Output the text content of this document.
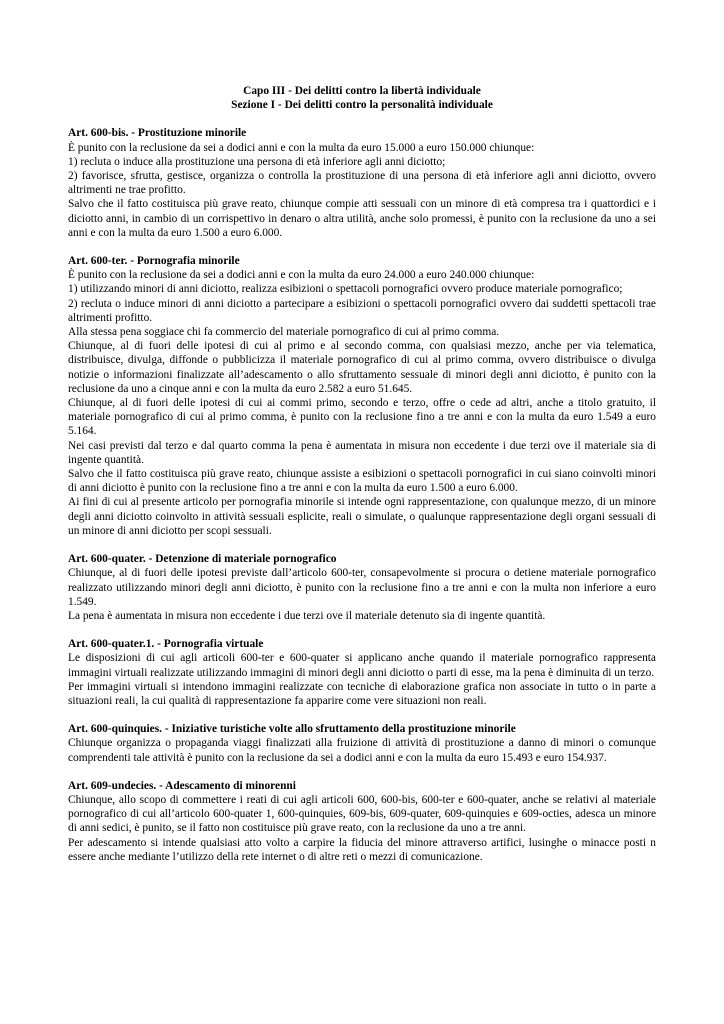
Capo III - Dei delitti contro la libertà individuale

Sezione I - Dei delitti contro la personalità individuale

Art. 600-bis. - Prostituzione minorile

È punito con la reclusione da sei a dodici anni e con la multa da euro 15.000 a euro 150.000 chiunque:

1) recluta o induce alla prostituzione una persona di età inferiore agli anni diciotto;

2) favorisce, sfrutta, gestisce, organizza o controlla la prostituzione di una persona di età inferiore agli anni diciotto, ovvero altrimenti ne trae profitto.

Salvo che il fatto costituisca più grave reato, chiunque compie atti sessuali con un minore di età compresa tra i quattordici e i diciotto anni, in cambio di un corrispettivo in denaro o altra utilità, anche solo promessi, è punito con la reclusione da uno a sei anni e con la multa da euro 1.500 a euro 6.000.

Art. 600-ter. - Pornografia minorile

È punito con la reclusione da sei a dodici anni e con la multa da euro 24.000 a euro 240.000 chiunque:

1) utilizzando minori di anni diciotto, realizza esibizioni o spettacoli pornografici ovvero produce materiale pornografico;

2) recluta o induce minori di anni diciotto a partecipare a esibizioni o spettacoli pornografici ovvero dai suddetti spettacoli trae altrimenti profitto.

Alla stessa pena soggiace chi fa commercio del materiale pornografico di cui al primo comma.

Chiunque, al di fuori delle ipotesi di cui al primo e al secondo comma, con qualsiasi mezzo, anche per via telematica, distribuisce, divulga, diffonde o pubblicizza il materiale pornografico di cui al primo comma, ovvero distribuisce o divulga notizie o informazioni finalizzate all’adescamento o allo sfruttamento sessuale di minori degli anni diciotto, è punito con la reclusione da uno a cinque anni e con la multa da euro 2.582 a euro 51.645.

Chiunque, al di fuori delle ipotesi di cui ai commi primo, secondo e terzo, offre o cede ad altri, anche a titolo gratuito, il materiale pornografico di cui al primo comma, è punito con la reclusione fino a tre anni e con la multa da euro 1.549 a euro 5.164.

Nei casi previsti dal terzo e dal quarto comma la pena è aumentata in misura non eccedente i due terzi ove il materiale sia di ingente quantità.

Salvo che il fatto costituisca più grave reato, chiunque assiste a esibizioni o spettacoli pornografici in cui siano coinvolti minori di anni diciotto è punito con la reclusione fino a tre anni e con la multa da euro 1.500 a euro 6.000.

Ai fini di cui al presente articolo per pornografia minorile si intende ogni rappresentazione, con qualunque mezzo, di un minore degli anni diciotto coinvolto in attività sessuali esplicite, reali o simulate, o qualunque rappresentazione degli organi sessuali di un minore di anni diciotto per scopi sessuali.

Art. 600-quater. - Detenzione di materiale pornografico

Chiunque, al di fuori delle ipotesi previste dall’articolo 600-ter, consapevolmente si procura o detiene materiale pornografico realizzato utilizzando minori degli anni diciotto, è punito con la reclusione fino a tre anni e con la multa non inferiore a euro 1.549.

La pena è aumentata in misura non eccedente i due terzi ove il materiale detenuto sia di ingente quantità.

Art. 600-quater.1. - Pornografia virtuale

Le disposizioni di cui agli articoli 600-ter e 600-quater si applicano anche quando il materiale pornografico rappresenta immagini virtuali realizzate utilizzando immagini di minori degli anni diciotto o parti di esse, ma la pena è diminuita di un terzo.

Per immagini virtuali si intendono immagini realizzate con tecniche di elaborazione grafica non associate in tutto o in parte a situazioni reali, la cui qualità di rappresentazione fa apparire come vere situazioni non reali.

Art. 600-quinquies. - Iniziative turistiche volte allo sfruttamento della prostituzione minorile

Chiunque organizza o propaganda viaggi finalizzati alla fruizione di attività di prostituzione a danno di minori o comunque comprendenti tale attività è punito con la reclusione da sei a dodici anni e con la multa da euro 15.493 e euro 154.937.

Art. 609-undecies. - Adescamento di minorenni

Chiunque, allo scopo di commettere i reati di cui agli articoli 600, 600-bis, 600-ter e 600-quater, anche se relativi al materiale pornografico di cui all’articolo 600-quater 1, 600-quinquies, 609-bis, 609-quater, 609-quinquies e 609-octies, adesca un minore di anni sedici, è punito, se il fatto non costituisce più grave reato, con la reclusione da uno a tre anni.

Per adescamento si intende qualsiasi atto volto a carpire la fiducia del minore attraverso artifici, lusinghe o minacce posti n essere anche mediante l’utilizzo della rete internet o di altre reti o mezzi di comunicazione.
